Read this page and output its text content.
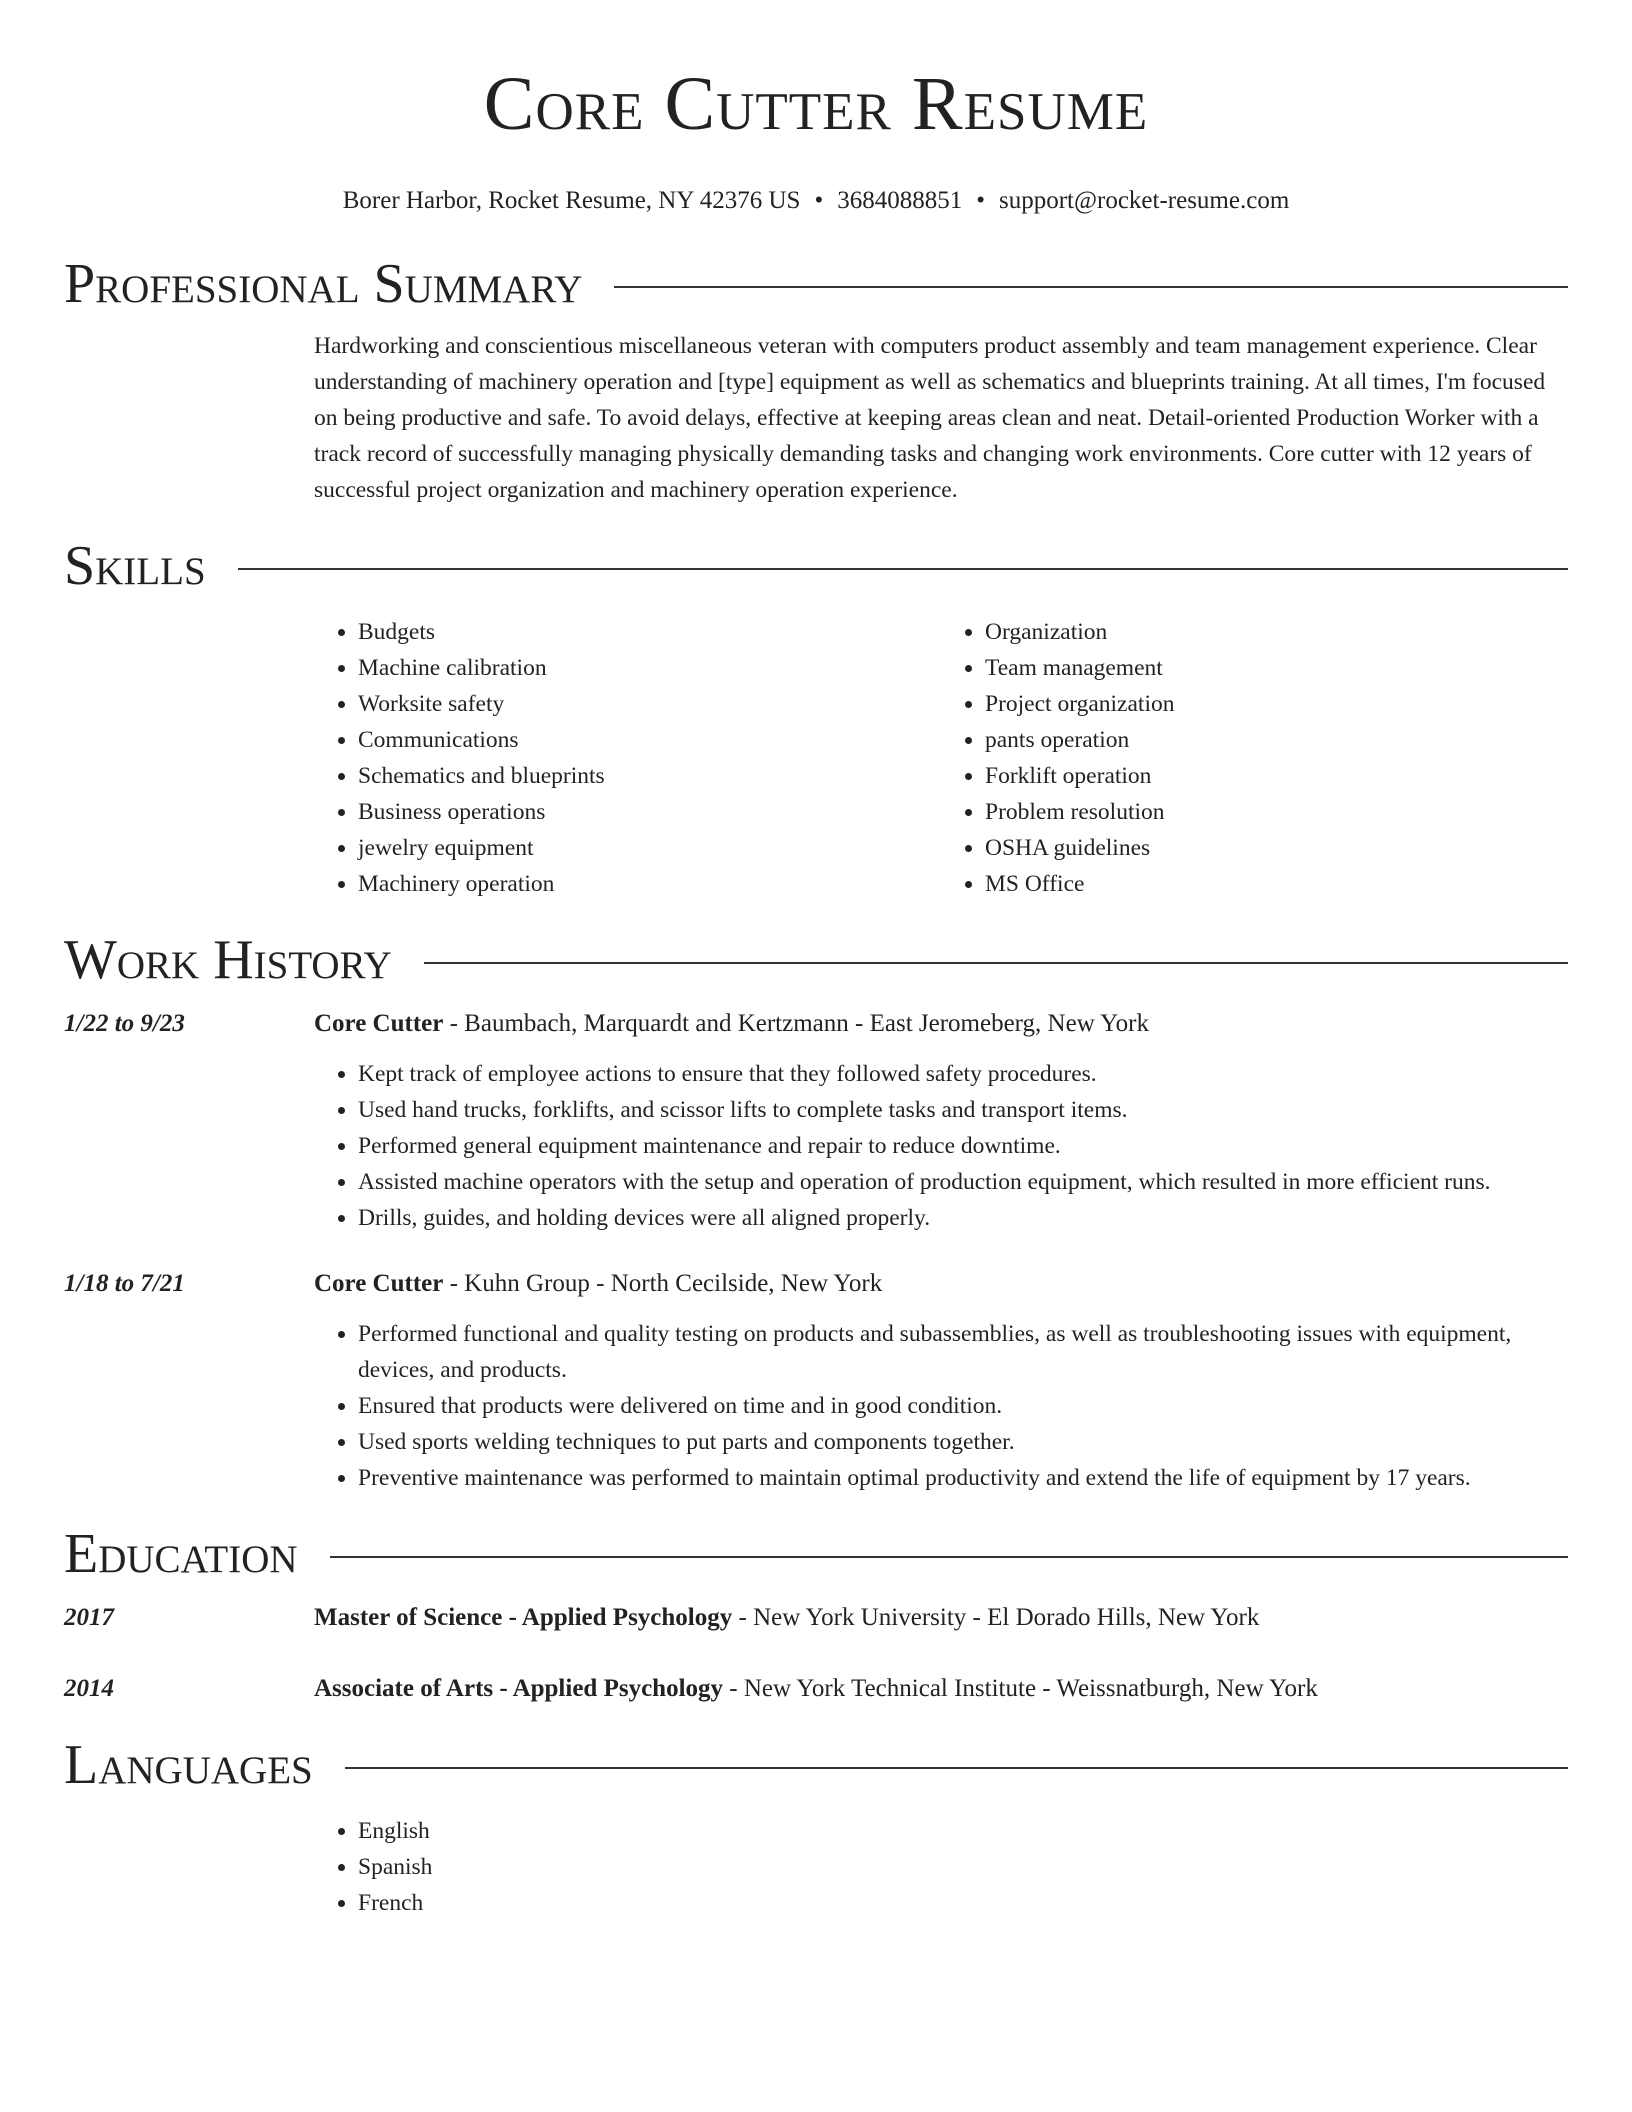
Core Cutter Resume
Borer Harbor, Rocket Resume, NY 42376 US • 3684088851 • support@rocket-resume.com
Professional Summary

Hardworking and conscientious miscellaneous veteran with computers product assembly and team management experience. Clear understanding of machinery operation and [type] equipment as well as schematics and blueprints training. At all times, I'm focused on being productive and safe. To avoid delays, effective at keeping areas clean and neat. Detail-oriented Production Worker with a track record of successfully managing physically demanding tasks and changing work environments. Core cutter with 12 years of successful project organization and machinery operation experience.

Skills
• Budgets
• Machine calibration
• Worksite safety
• Communications
• Schematics and blueprints
• Business operations
• jewelry equipment
• Machinery operation
• Organization
• Team management
• Project organization
• pants operation
• Forklift operation
• Problem resolution
• OSHA guidelines
• MS Office
Work History
1/22 to 9/23	Core Cutter - Baumbach, Marquardt and Kertzmann - East Jeromeberg, New York
• Kept track of employee actions to ensure that they followed safety procedures.
• Used hand trucks, forklifts, and scissor lifts to complete tasks and transport items.
• Performed general equipment maintenance and repair to reduce downtime.
• Assisted machine operators with the setup and operation of production equipment, which resulted in more efficient runs.
• Drills, guides, and holding devices were all aligned properly.
1/18 to 7/21	Core Cutter - Kuhn Group - North Cecilside, New York
• Performed functional and quality testing on products and subassemblies, as well as troubleshooting issues with equipment, devices, and products.
• Ensured that products were delivered on time and in good condition.
• Used sports welding techniques to put parts and components together.
• Preventive maintenance was performed to maintain optimal productivity and extend the life of equipment by 17 years.
Education
2017	Master of Science - Applied Psychology - New York University - El Dorado Hills, New York
2014	Associate of Arts - Applied Psychology - New York Technical Institute - Weissnatburgh, New York
Languages
• English
• Spanish
• French
